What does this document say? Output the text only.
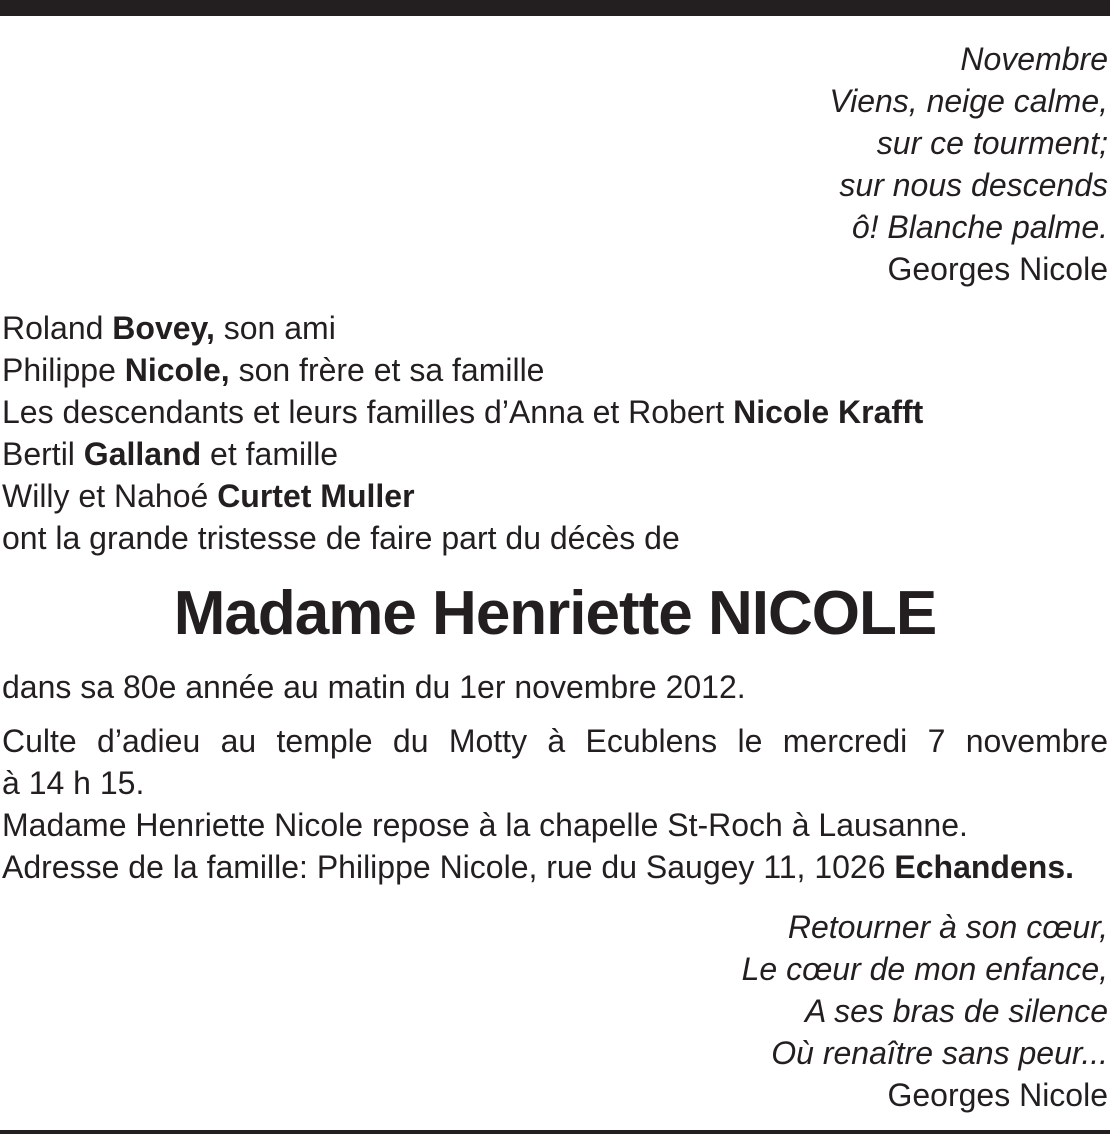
Novembre
Viens, neige calme,
sur ce tourment;
sur nous descends
ô! Blanche palme.
Georges Nicole
Roland Bovey, son ami
Philippe Nicole, son frère et sa famille
Les descendants et leurs familles d’Anna et Robert Nicole Krafft
Bertil Galland et famille
Willy et Nahoé Curtet Muller
ont la grande tristesse de faire part du décès de
Madame Henriette NICOLE
dans sa 80e année au matin du 1er novembre 2012.
Culte d’adieu au temple du Motty à Ecublens le mercredi 7 novembre
à 14 h 15.
Madame Henriette Nicole repose à la chapelle St-Roch à Lausanne.
Adresse de la famille: Philippe Nicole, rue du Saugey 11, 1026 Echandens.
Retourner à son cœur,
Le cœur de mon enfance,
A ses bras de silence
Où renaître sans peur...
Georges Nicole
